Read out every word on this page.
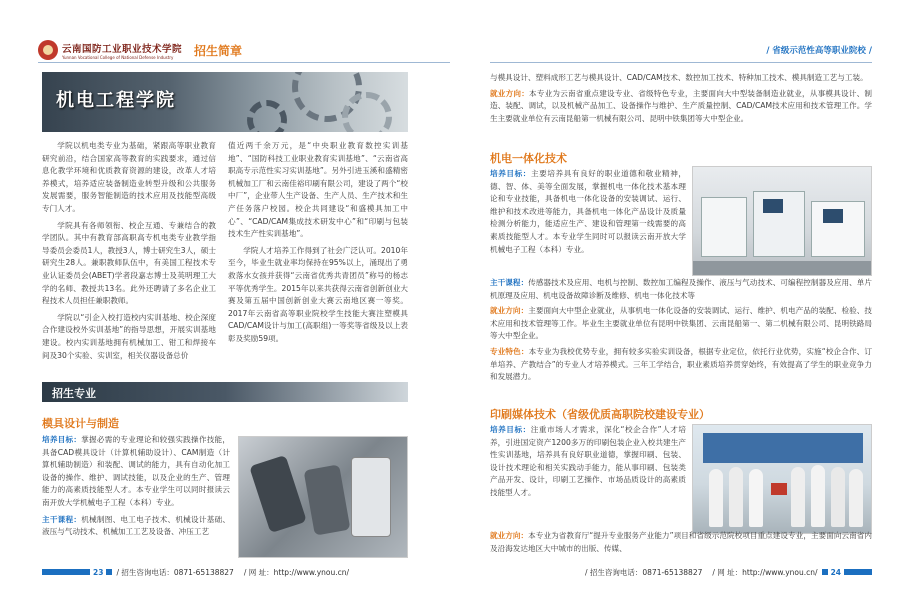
云南国防工业职业技术学院
Yunnan Vocational College of National Defense Industry	招生简章
机电工程学院

学院以机电类专业为基础，紧跟高等职业教育研究前沿，结合国家高等教育的实践要求，通过信息化教学环境和优质教育资源的建设，改革人才培养模式，培养适应装备制造业转型升级和公共服务发展需要，服务智能制造的技术应用及技能型高级专门人才。

学院具有各师领衔、校企互通、专兼结合的教学团队。其中有教育部高职高专机电类专业教学指导委员会委员1人，教授3人，博士研究生3人，硕士研究生28人。兼职教师队伍中，有美国工程技术专业认证委员会(ABET)学者段嘉志博士及英明理工大学的名师、教授共13名。此外还聘请了多名企业工程技术人员担任兼职教师。

学院以“引企入校打造校内实训基地、校企深度合作建设校外实训基地”的指导思想，开展实训基地建设。校内实训基地拥有机械加工、钳工和焊接车间及30个实验、实训室，相关仪器设备总价

值近两千余万元，是“中央职业教育数控实训基地”、“国防科技工业职业教育实训基地”、“云南省高职高专示范性实习实训基地”。另外引进玉溪和盛精密机械加工厂和云南佳裕印刷有限公司，建设了两个“校中厂”，企业带人生产设备、生产人员、生产技术和生产任务落户校园。校企共同建设“和盛模具加工中心”、“CAD/CAM集成技术研发中心”和“印刷与包装技术生产性实训基地”。

学院人才培养工作得到了社会广泛认可。2010年至今，毕业生就业率均保持在95%以上，涌现出了勇救落水女孩并获得“云南省优秀共青团员”称号的杨志平等优秀学生。2015年以来共获得云南省创新创业大赛及第五届中国创新创业大赛云南地区赛一等奖。2017年云南省高等职业院校学生技能大赛注塑模具CAD/CAM设计与加工(高职组)一等奖等省级及以上表彰及奖励59项。

招生专业
模具设计与制造

培养目标：掌握必需的专业理论和较强实践操作技能，具备CAD模具设计（计算机辅助设计）、CAM制造（计算机辅助制造）和装配、调试的能力，具有自动化加工设备的操作、维护、调试技能，以及企业的生产、管理能力的高素质技能型人才。本专业学生可以同时报读云南开放大学机械电子工程（本科）专业。

主干课程：机械制图、电工电子技术、机械设计基础、液压与气动技术、机械加工工艺及设备、冲压工艺

23 / 招生咨询电话： 0871-65138827 / 网 址： http://www.ynou.cn/
/ 省级示范性高等职业院校 /

与模具设计、塑料成形工艺与模具设计、CAD/CAM技术、数控加工技术、特种加工技术、模具制造工艺与工装。

就业方向：本专业为云南省重点建设专业、省级特色专业，主要面向大中型装备制造业就业，从事模具设计、制造、装配、调试，以及机械产品加工、设备操作与维护、生产质量控制、CAD/CAM技术应用和技术管理工作。学生主要就业单位有云南昆船第一机械有限公司、昆明中铁集团等大中型企业。

机电一体化技术

培养目标：主要培养具有良好的职业道德和敬业精神，德、智、体、美等全面发展，掌握机电一体化技术基本理论和专业技能，具备机电一体化设备的安装调试、运行、维护和技术改进等能力，具备机电一体化产品设计及质量检测分析能力，能适应生产、建设和管理第一线需要的高素质技能型人才。本专业学生同时可以报读云南开放大学机械电子工程（本科）专业。

主干课程：传感器技术及应用、电机与控制、数控加工编程及操作、液压与气动技术、可编程控制器及应用、单片机原理及应用、机电设备故障诊断及维修、机电一体化技术等

就业方向：主要面向大中型企业就业，从事机电一体化设备的安装调试、运行、维护、机电产品的装配、检验、技术应用和技术管理等工作。毕业生主要就业单位有昆明中铁集团、云南昆船第一、第二机械有限公司、昆明铁路局等大中型企业。

专业特色：本专业为我校优势专业，拥有较多实验实训设备，根据专业定位，依托行业优势，实施“校企合作、订单培养、产教结合”的专业人才培养模式。三年工学结合，职业素质培养贯穿始终，有效提高了学生的职业竞争力和发展潜力。

印刷媒体技术（省级优质高职院校建设专业）

培养目标：注重市场人才需求，深化“校企合作”人才培养，引进国定资产1200多万的印刷包装企业入校共建生产性实训基地，培养具有良好职业道德，掌握印刷、包装、设计技术理论和相关实践动手能力，能从事印刷、包装类产品开发、设计，印刷工艺操作、市场品质设计的高素质技能型人才。

就业方向：本专业为省教育厅“提升专业服务产业能力”项目和省级示范院校项目重点建设专业，主要面向云南省内及沿海发达地区大中城市的出版、传媒、

/ 招生咨询电话： 0871-65138827 / 网 址： http://www.ynou.cn/ 24
